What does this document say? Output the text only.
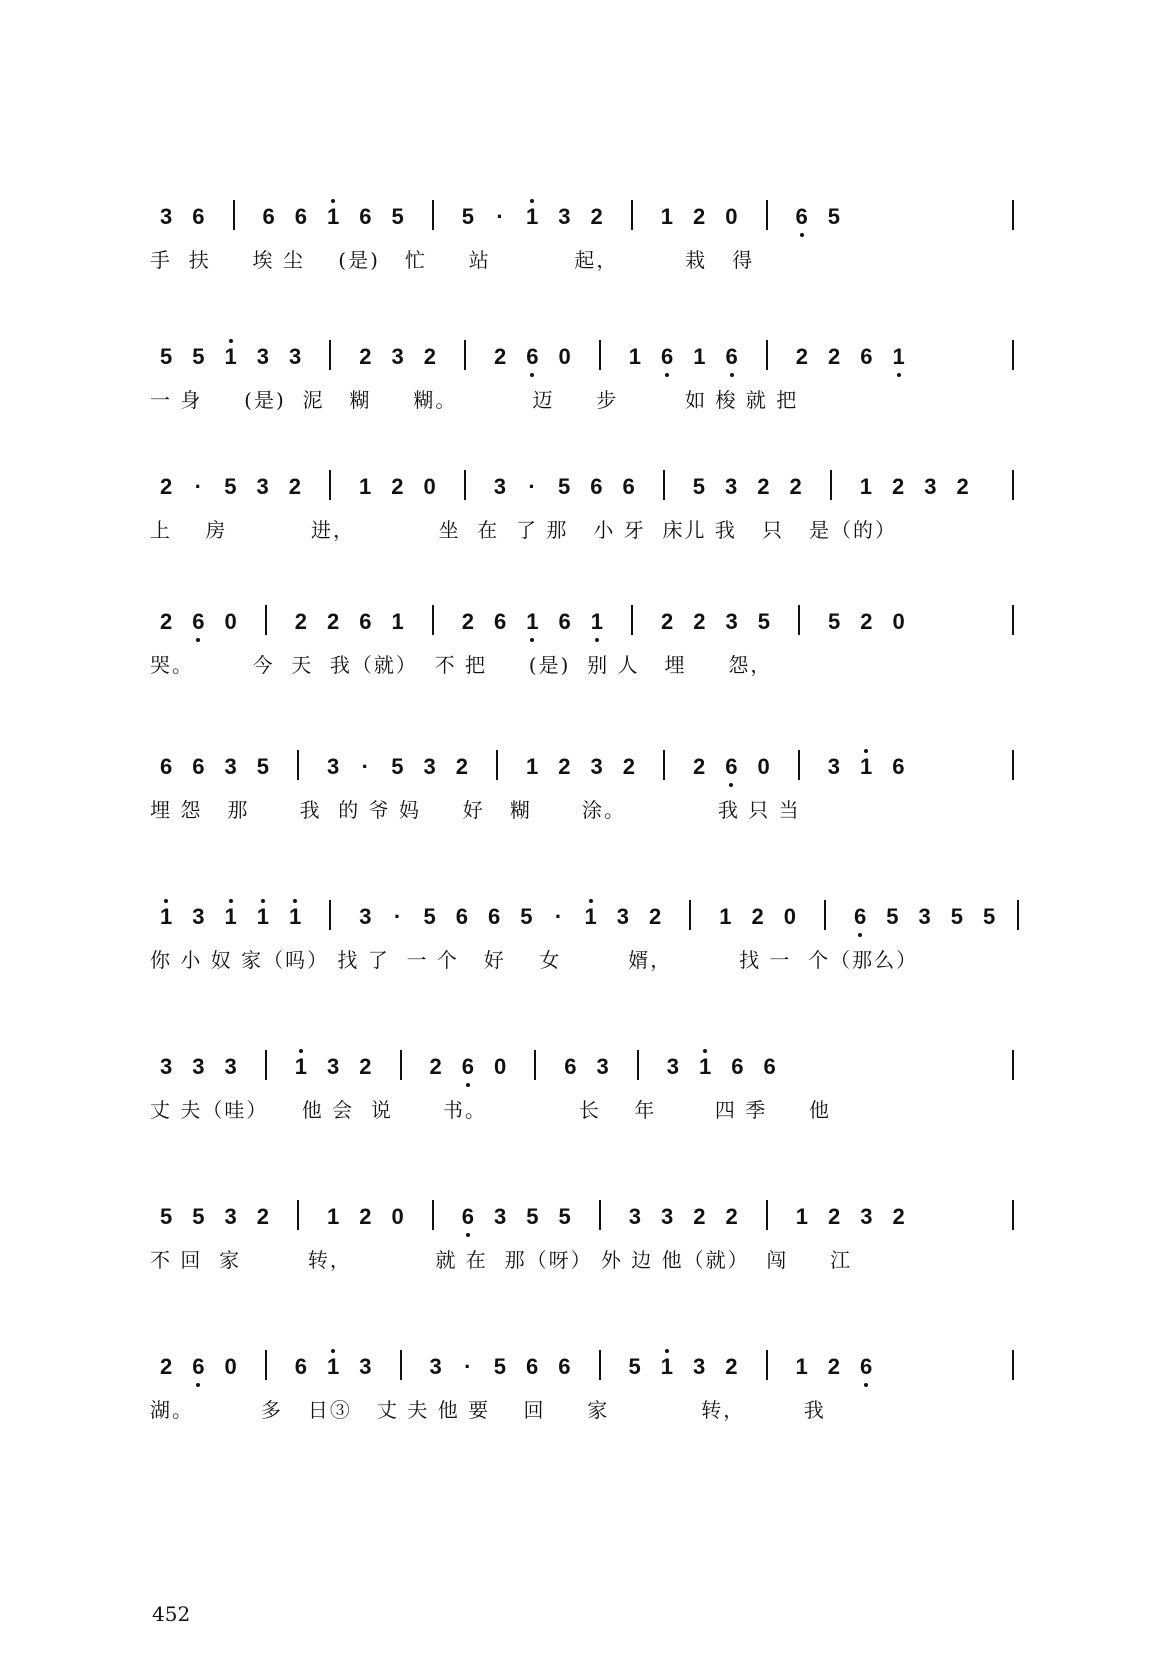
3 6	6 6 1 6 5	5 · 1 3 2	1 2 0	6 5
手  扶     埃 尘    (是)   忙     站          起，        栽   得
5 5 1 3 3	2 3 2	2 6 0	1 6 1 6	2 2 6 1
一 身     (是)  泥   糊     糊。         迈     步        如 梭 就 把
2 · 5 3 2	1 2 0	3 · 5 6 6	5 3 2 2	1 2 3 2
上    房          进，          坐  在  了 那   小 牙  床儿 我   只   是（的）
2 6 0	2 2 6 1	2 6 1 6 1	2 2 3 5	5 2 0
哭。       今  天  我（就）  不 把     (是)  别 人   埋     怨，
6 6 3 5	3 · 5 3 2	1 2 3 2	2 6 0	3 1 6
埋 怨   那      我  的 爷 妈     好   糊      涂。           我 只 当
1 3 1 1 1	3 · 5 6 6 5 · 1 3 2	1 2 0	6 5 3 5 5
你 小 奴 家（吗） 找 了  一 个   好    女        婿，        找 一  个（那么）
3 3 3	1 3 2	2 6 0	6 3	3 1 6 6
丈 夫（哇）    他 会  说      书。           长    年       四 季     他
5 5 3 2	1 2 0	6 3 5 5	3 3 2 2	1 2 3 2
不 回  家        转，          就 在  那（呀） 外 边 他（就）  闯     江
2 6 0	6 1 3	3 · 5 6 6	5 1 3 2	1 2 6
湖。        多   日③   丈 夫 他 要    回     家           转，       我
452
